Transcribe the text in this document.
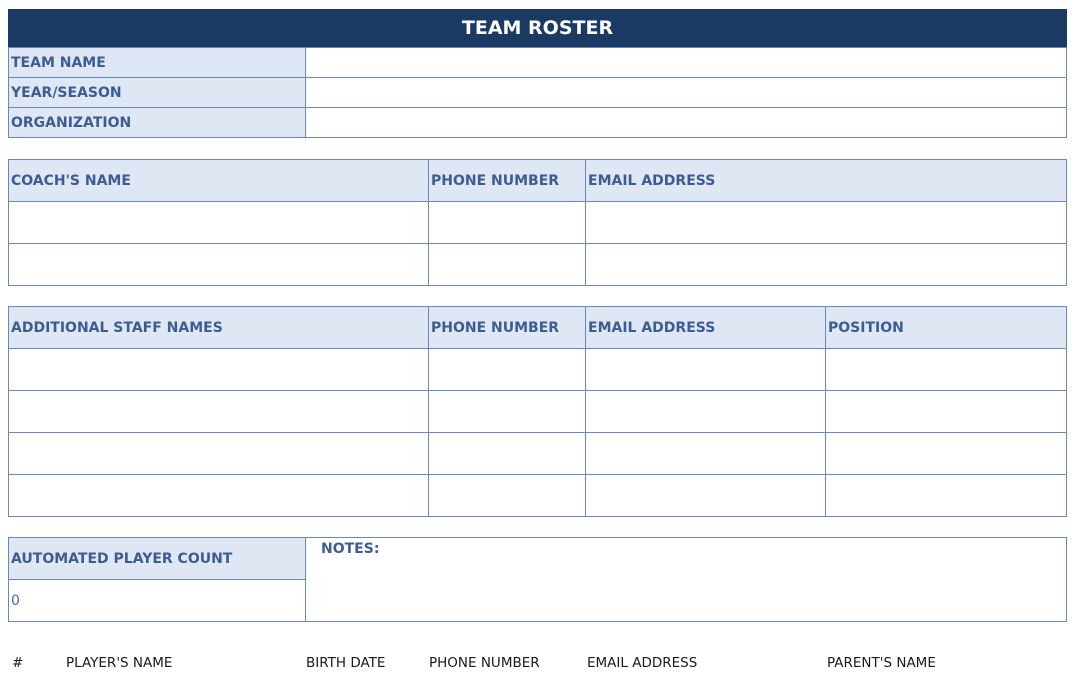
TEAM ROSTER
TEAM NAME
YEAR/SEASON
ORGANIZATION
COACH'S NAME	PHONE NUMBER	EMAIL ADDRESS
ADDITIONAL STAFF NAMES	PHONE NUMBER	EMAIL ADDRESS	POSITION
AUTOMATED PLAYER COUNT
0
NOTES:
#	PLAYER'S NAME	BIRTH DATE	PHONE NUMBER	EMAIL ADDRESS	PARENT'S NAME
